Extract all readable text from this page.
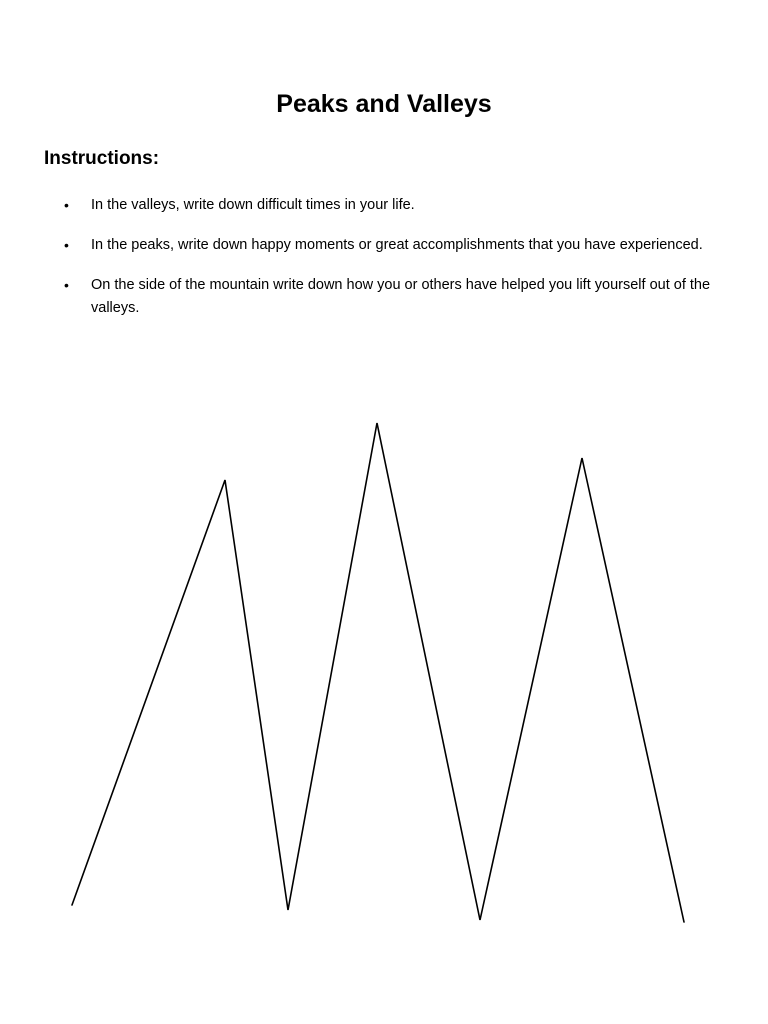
Peaks and Valleys
Instructions:
• In the valleys, write down difficult times in your life.
• In the peaks, write down happy moments or great accomplishments that you have experienced.
• On the side of the mountain write down how you or others have helped you lift yourself out of the valleys.
